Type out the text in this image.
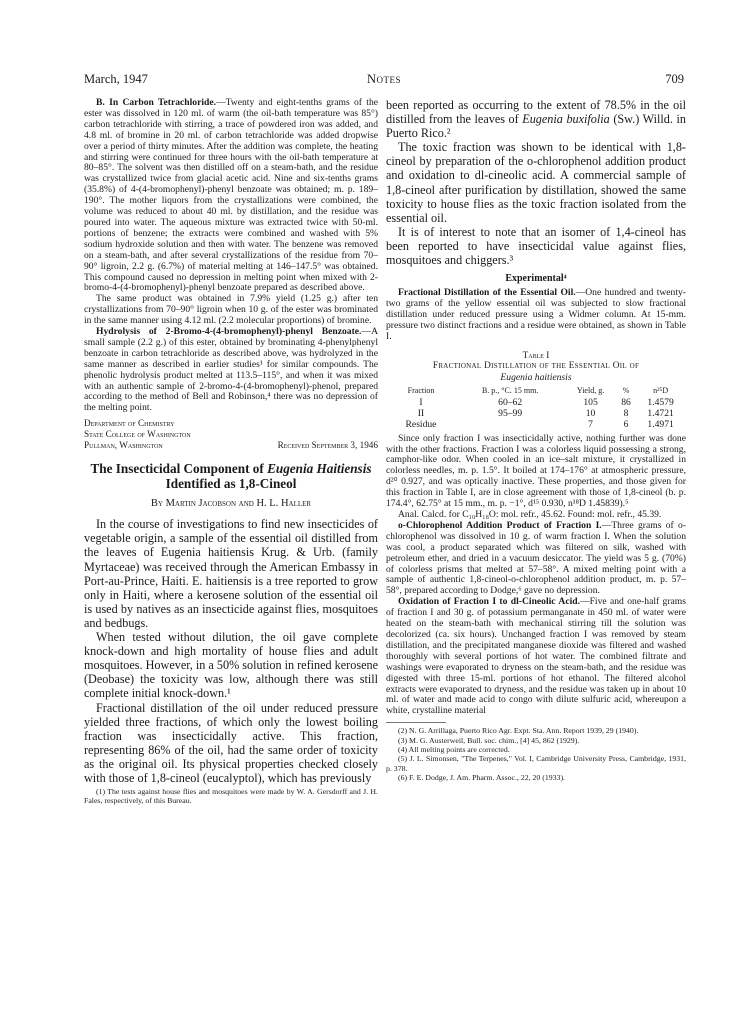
March, 1947	Notes	709

B. In Carbon Tetrachloride.—Twenty and eight-tenths grams of the ester was dissolved in 120 ml. of warm (the oil-bath temperature was 85°) carbon tetrachloride with stirring, a trace of powdered iron was added, and 4.8 ml. of bromine in 20 ml. of carbon tetrachloride was added dropwise over a period of thirty minutes. After the addition was complete, the heating and stirring were continued for three hours with the oil-bath temperature at 80–85°. The solvent was then distilled off on a steam-bath, and the residue was crystallized twice from glacial acetic acid. Nine and six-tenths grams (35.8%) of 4-(4-bromophenyl)-phenyl benzoate was obtained; m. p. 189–190°. The mother liquors from the crystallizations were combined, the volume was reduced to about 40 ml. by distillation, and the residue was poured into water. The aqueous mixture was extracted twice with 50-ml. portions of benzene; the extracts were combined and washed with 5% sodium hydroxide solution and then with water. The benzene was removed on a steam-bath, and after several crystallizations of the residue from 70–90° ligroin, 2.2 g. (6.7%) of material melting at 146–147.5° was obtained. This compound caused no depression in melting point when mixed with 2-bromo-4-(4-bromophenyl)-phenyl benzoate prepared as described above.

The same product was obtained in 7.9% yield (1.25 g.) after ten crystallizations from 70–90° ligroin when 10 g. of the ester was brominated in the same manner using 4.12 ml. (2.2 molecular proportions) of bromine.

Hydrolysis of 2-Bromo-4-(4-bromophenyl)-phenyl Benzoate.—A small sample (2.2 g.) of this ester, obtained by brominating 4-phenylphenyl benzoate in carbon tetrachloride as described above, was hydrolyzed in the same manner as described in earlier studies¹ for similar compounds. The phenolic hydrolysis product melted at 113.5–115°, and when it was mixed with an authentic sample of 2-bromo-4-(4-bromophenyl)-phenol, prepared according to the method of Bell and Robinson,⁴ there was no depression of the melting point.

Department of Chemistry
State College of Washington
Pullman, Washington	Received September 3, 1946
The Insecticidal Component of Eugenia Haitiensis Identified as 1,8-Cineol
By Martin Jacobson and H. L. Haller

In the course of investigations to find new insecticides of vegetable origin, a sample of the essential oil distilled from the leaves of Eugenia haitiensis Krug. & Urb. (family Myrtaceae) was received through the American Embassy in Port-au-Prince, Haiti. E. haitiensis is a tree reported to grow only in Haiti, where a kerosene solution of the essential oil is used by natives as an insecticide against flies, mosquitoes and bedbugs.

When tested without dilution, the oil gave complete knock-down and high mortality of house flies and adult mosquitoes. However, in a 50% solution in refined kerosene (Deobase) the toxicity was low, although there was still complete initial knock-down.¹

Fractional distillation of the oil under reduced pressure yielded three fractions, of which only the lowest boiling fraction was insecticidally active. This fraction, representing 86% of the oil, had the same order of toxicity as the original oil. Its physical properties checked closely with those of 1,8-cineol (eucalyptol), which has previously

(1) The tests against house flies and mosquitoes were made by W. A. Gersdorff and J. H. Fales, respectively, of this Bureau.

been reported as occurring to the extent of 78.5% in the oil distilled from the leaves of Eugenia buxifolia (Sw.) Willd. in Puerto Rico.²

The toxic fraction was shown to be identical with 1,8-cineol by preparation of the o-chlorophenol addition product and oxidation to dl-cineolic acid. A commercial sample of 1,8-cineol after purification by distillation, showed the same toxicity to house flies as the toxic fraction isolated from the essential oil.

It is of interest to note that an isomer of 1,4-cineol has been reported to have insecticidal value against flies, mosquitoes and chiggers.³

Experimental⁴

Fractional Distillation of the Essential Oil.—One hundred and twenty-two grams of the yellow essential oil was subjected to slow fractional distillation under reduced pressure using a Widmer column. At 15-mm. pressure two distinct fractions and a residue were obtained, as shown in Table I.

Table I
Fractional Distillation of the Essential Oil of
Eugenia haitiensis
Fraction	B. p., °C. 15 mm.	Yield, g.	%	n²⁵D
I	60–62	105	86	1.4579
II	95–99	10	8	1.4721
Residue		7	6	1.4971

Since only fraction I was insecticidally active, nothing further was done with the other fractions. Fraction I was a colorless liquid possessing a strong, camphor-like odor. When cooled in an ice–salt mixture, it crystallized in colorless needles, m. p. 1.5°. It boiled at 174–176° at atmospheric pressure, d²⁰ 0.927, and was optically inactive. These properties, and those given for this fraction in Table I, are in close agreement with those of 1,8-cineol (b. p. 174.4°, 62.75° at 15 mm., m. p. −1°, d¹⁵ 0.930, n¹⁸D 1.45839).⁵

Anal. Calcd. for C₁₀H₁₈O: mol. refr., 45.62. Found: mol. refr., 45.39.

o-Chlorophenol Addition Product of Fraction I.—Three grams of o-chlorophenol was dissolved in 10 g. of warm fraction I. When the solution was cool, a product separated which was filtered on silk, washed with petroleum ether, and dried in a vacuum desiccator. The yield was 5 g. (70%) of colorless prisms that melted at 57–58°. A mixed melting point with a sample of authentic 1,8-cineol-o-chlorophenol addition product, m. p. 57–58°, prepared according to Dodge,⁶ gave no depression.

Oxidation of Fraction I to dl-Cineolic Acid.—Five and one-half grams of fraction I and 30 g. of potassium permanganate in 450 ml. of water were heated on the steam-bath with mechanical stirring till the solution was decolorized (ca. six hours). Unchanged fraction I was removed by steam distillation, and the precipitated manganese dioxide was filtered and washed thoroughly with several portions of hot water. The combined filtrate and washings were evaporated to dryness on the steam-bath, and the residue was digested with three 15-ml. portions of hot ethanol. The filtered alcohol extracts were evaporated to dryness, and the residue was taken up in about 10 ml. of water and made acid to congo with dilute sulfuric acid, whereupon a white, crystalline material

(2) N. G. Arrillaga, Puerto Rico Agr. Expt. Sta. Ann. Report 1939, 29 (1940).

(3) M. G. Austerweil, Bull. soc. chim., [4] 45, 862 (1929).

(4) All melting points are corrected.

(5) J. L. Simonsen, "The Terpenes," Vol. I, Cambridge University Press, Cambridge, 1931, p. 378.

(6) F. E. Dodge, J. Am. Pharm. Assoc., 22, 20 (1933).
